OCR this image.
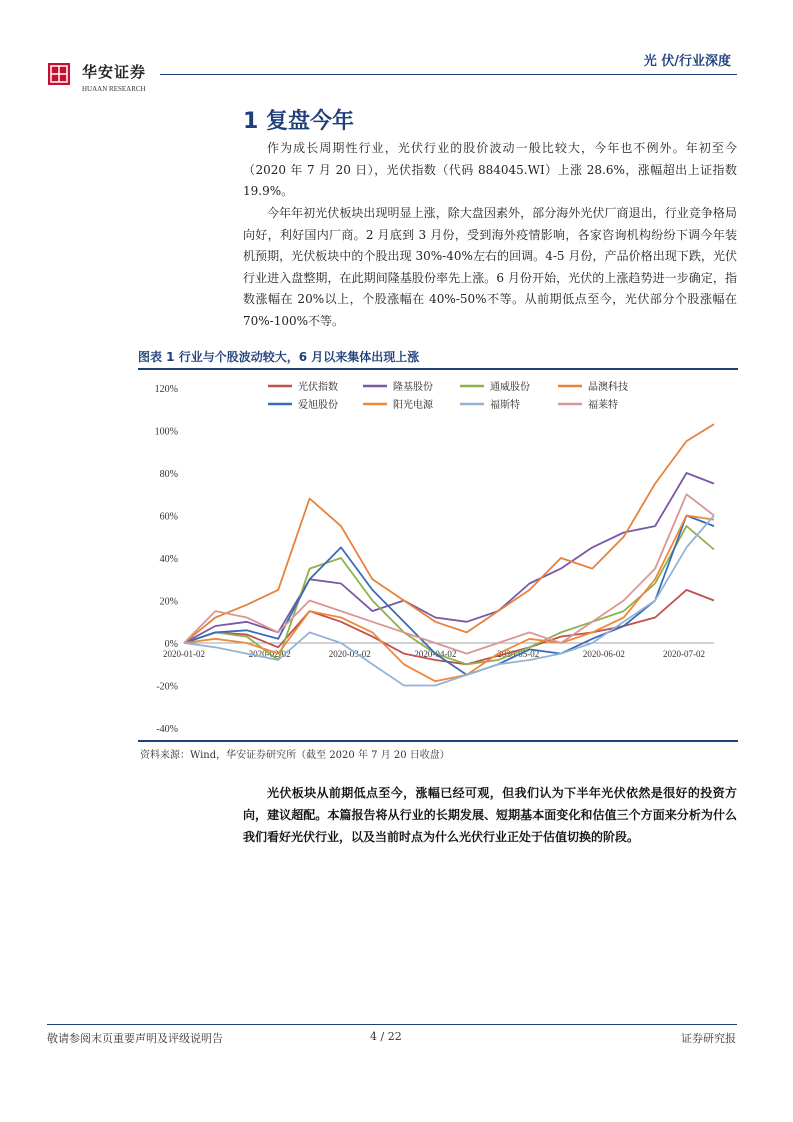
华安证券
HUAAN RESEARCH
光 伏/行业深度
1 复盘今年

作为成长周期性行业，光伏行业的股价波动一般比较大，今年也不例外。年初至今（2020 年 7 月 20 日），光伏指数（代码 884045.WI）上涨 28.6%，涨幅超出上证指数 19.9%。

今年年初光伏板块出现明显上涨，除大盘因素外，部分海外光伏厂商退出，行业竞争格局向好，利好国内厂商。2 月底到 3 月份，受到海外疫情影响，各家咨询机构纷纷下调今年装机预期，光伏板块中的个股出现 30%-40%左右的回调。4-5 月份，产品价格出现下跌，光伏行业进入盘整期，在此期间隆基股份率先上涨。6 月份开始，光伏的上涨趋势进一步确定，指数涨幅在 20%以上，个股涨幅在 40%-50%不等。从前期低点至今，光伏部分个股涨幅在 70%-100%不等。

图表 1 行业与个股波动较大，6 月以来集体出现上涨
120%
100%
80%
60%
40%
20%
0%
-20%
-40%
2020-01-02	2020-02-02	2020-03-02	2020-04-02	2020-05-02	2020-06-02	2020-07-02
光伏指数	隆基股份	通威股份	晶澳科技
爱旭股份	阳光电源	福斯特	福莱特
资料来源：Wind，华安证券研究所（截至 2020 年 7 月 20 日收盘）

光伏板块从前期低点至今，涨幅已经可观，但我们认为下半年光伏依然是很好的投资方向，建议超配。本篇报告将从行业的长期发展、短期基本面变化和估值三个方面来分析为什么我们看好光伏行业，以及当前时点为什么光伏行业正处于估值切换的阶段。

敬请参阅末页重要声明及评级说明告	4 / 22	证券研究报
